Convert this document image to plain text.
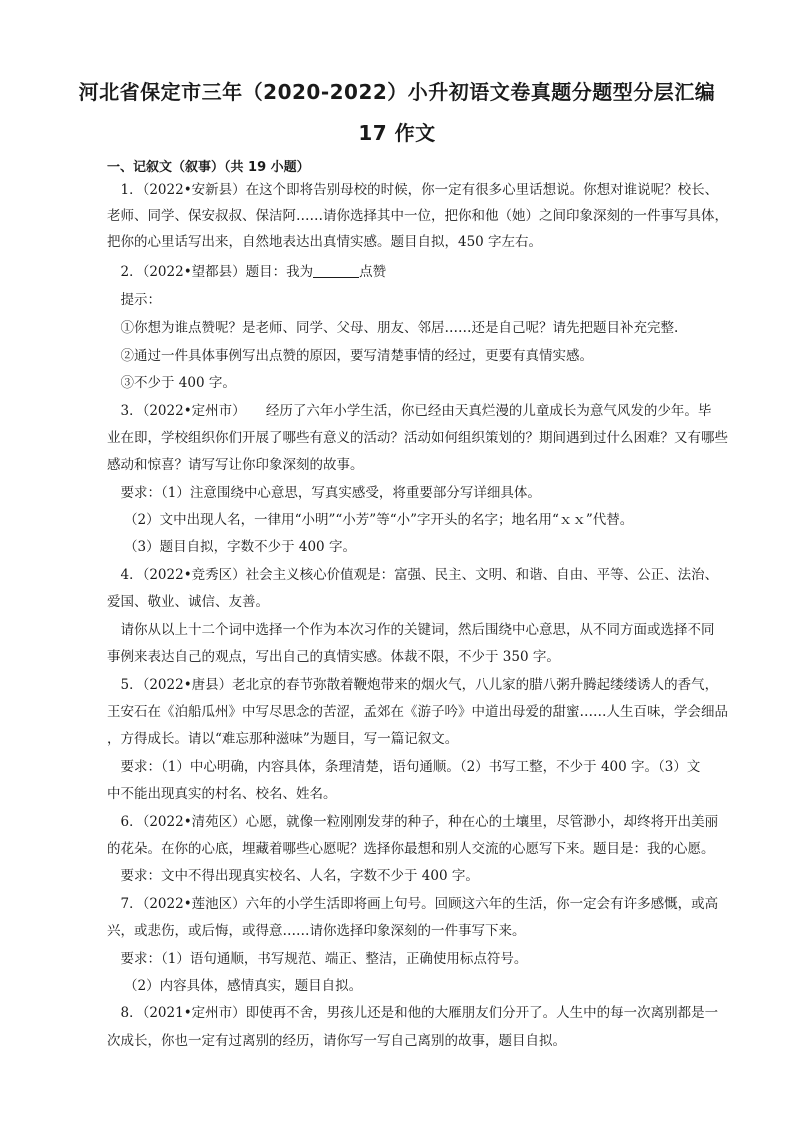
河北省保定市三年（2020-2022）小升初语文卷真题分题型分层汇编
17 作文
一、记叙文（叙事）（共 19 小题）
　1．（2022•安新县）在这个即将告别母校的时候，你一定有很多心里话想说。你想对谁说呢？校长、
老师、同学、保安叔叔、保洁阿……请你选择其中一位，把你和他（她）之间印象深刻的一件事写具体，
把你的心里话写出来，自然地表达出真情实感。题目自拟，450 字左右。
　2．（2022•望都县）题目：我为	点赞
　提示：
　①你想为谁点赞呢？是老师、同学、父母、朋友、邻居……还是自己呢？请先把题目补充完整.
　②通过一件具体事例写出点赞的原因，要写清楚事情的经过，更要有真情实感。
　③不少于 400 字。
　3．（2022•定州市）　　经历了六年小学生活，你已经由天真烂漫的儿童成长为意气风发的少年。毕
业在即，学校组织你们开展了哪些有意义的活动？活动如何组织策划的？期间遇到过什么困难？又有哪些
感动和惊喜？请写写让你印象深刻的故事。
　要求：（1）注意围绕中心意思，写真实感受，将重要部分写详细具体。
（2）文中出现人名，一律用“小明”“小芳”等“小”字开头的名字；地名用“ｘｘ”代替。
（3）题目自拟，字数不少于 400 字。
　4．（2022•竞秀区）社会主义核心价值观是：富强、民主、文明、和谐、自由、平等、公正、法治、
爱国、敬业、诚信、友善。
　请你从以上十二个词中选择一个作为本次习作的关键词，然后围绕中心意思，从不同方面或选择不同
事例来表达自己的观点，写出自己的真情实感。体裁不限，不少于 350 字。
　5．（2022•唐县）老北京的春节弥散着鞭炮带来的烟火气，八儿家的腊八粥升腾起缕缕诱人的香气，
王安石在《泊船瓜州》中写尽思念的苦涩，孟郊在《游子吟》中道出母爱的甜蜜……人生百味，学会细品
，方得成长。请以“难忘那种滋味”为题目，写一篇记叙文。
　要求：（1）中心明确，内容具体，条理清楚，语句通顺。（2）书写工整，不少于 400 字。（3）文
中不能出现真实的村名、校名、姓名。
　6．（2022•清苑区）心愿，就像一粒刚刚发芽的种子，种在心的土壤里，尽管渺小，却终将开出美丽
的花朵。在你的心底，埋藏着哪些心愿呢？选择你最想和别人交流的心愿写下来。题目是：我的心愿。
　要求：文中不得出现真实校名、人名，字数不少于 400 字。
　7．（2022•莲池区）六年的小学生活即将画上句号。回顾这六年的生活，你一定会有许多感慨，或高
兴，或悲伤，或后悔，或得意……请你选择印象深刻的一件事写下来。
　要求：（1）语句通顺，书写规范、端正、整洁，正确使用标点符号。
（2）内容具体，感情真实，题目自拟。
　8．（2021•定州市）即使再不舍，男孩儿还是和他的大雁朋友们分开了。人生中的每一次离别都是一
次成长，你也一定有过离别的经历，请你写一写自己离别的故事，题目自拟。
